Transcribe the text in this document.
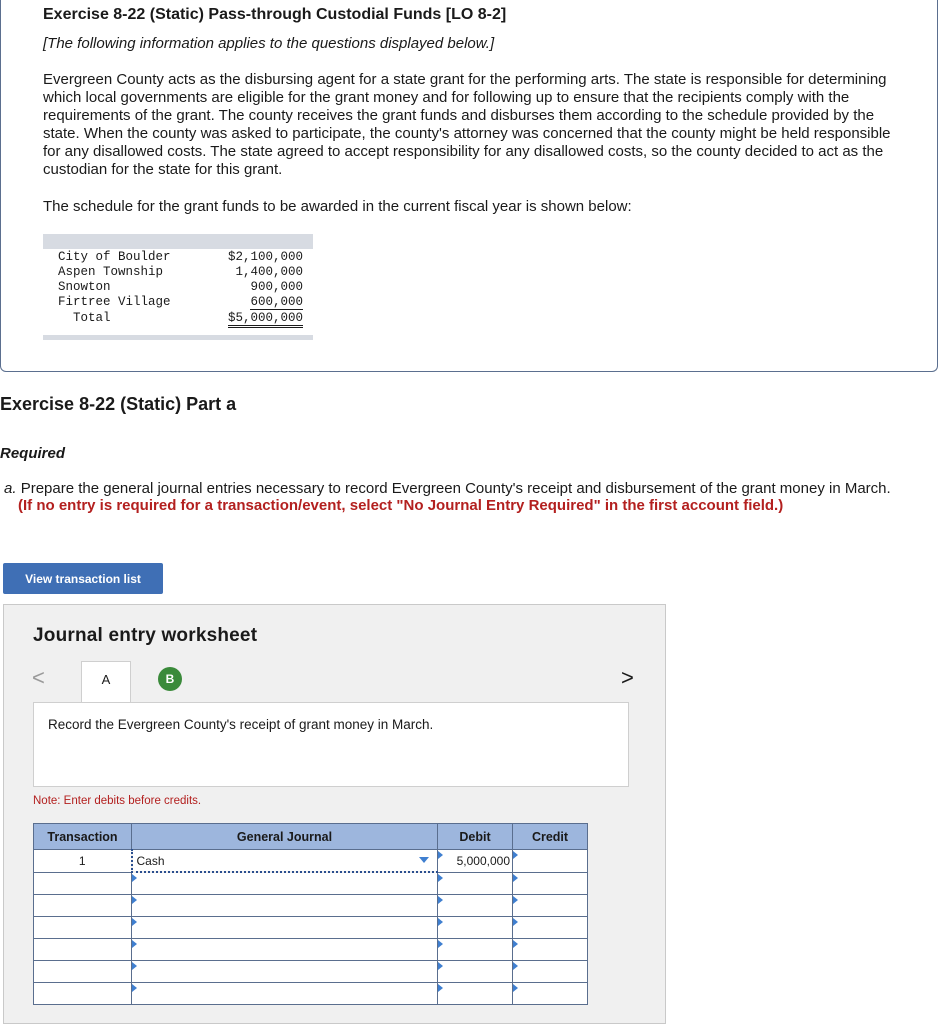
Exercise 8-22 (Static) Pass-through Custodial Funds [LO 8-2]
[The following information applies to the questions displayed below.]

Evergreen County acts as the disbursing agent for a state grant for the performing arts. The state is responsible for determining which local governments are eligible for the grant money and for following up to ensure that the recipients comply with the requirements of the grant. The county receives the grant funds and disburses them according to the schedule provided by the state. When the county was asked to participate, the county's attorney was concerned that the county might be held responsible for any disallowed costs. The state agreed to accept responsibility for any disallowed costs, so the county decided to act as the custodian for the state for this grant.

The schedule for the grant funds to be awarded in the current fiscal year is shown below:
City of Boulder	$2,100,000
Aspen Township	1,400,000
Snowton	900,000
Firtree Village	600,000
Total	$5,000,000
Exercise 8-22 (Static) Part a
Required
a. Prepare the general journal entries necessary to record Evergreen County's receipt and disbursement of the grant money in March.
(If no entry is required for a transaction/event, select "No Journal Entry Required" in the first account field.)
View transaction list
Journal entry worksheet
<	A	B	>
Record the Evergreen County's receipt of grant money in March.
Note: Enter debits before credits.
Transaction	General Journal	Debit	Credit
1	Cash	5,000,000	
